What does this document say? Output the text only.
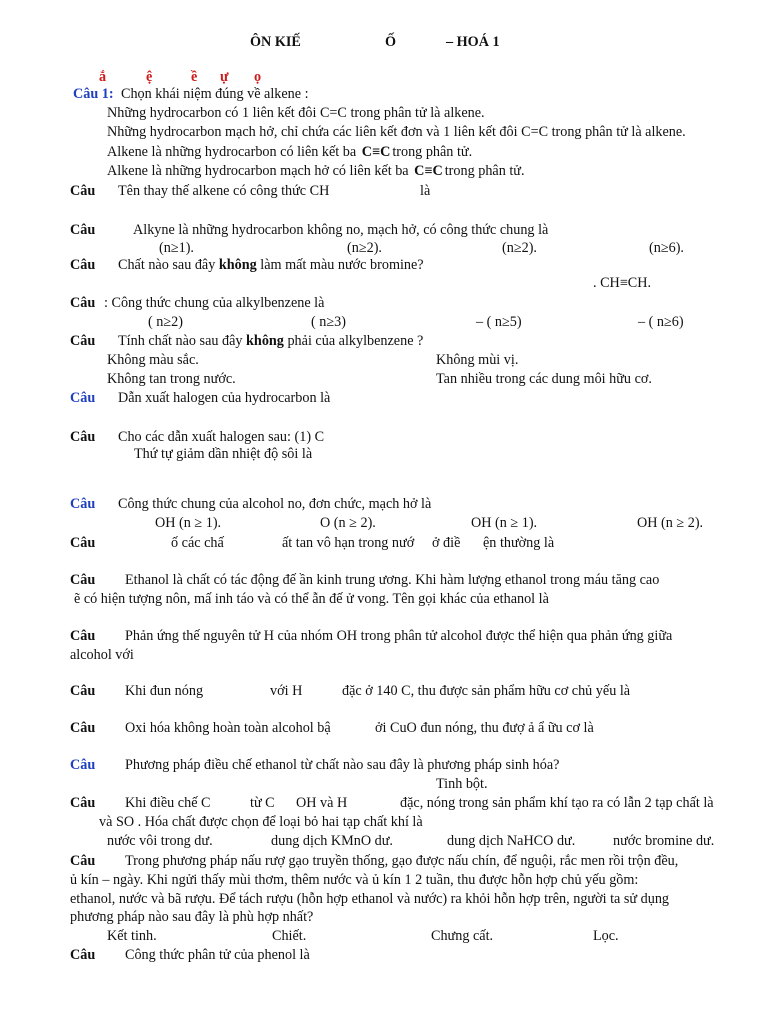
ÔN KIẾ	Ố	– HOÁ 1
ắ	ệ	ề ự ọ
Câu 1: Chọn khái niệm đúng về alkene :
Những hydrocarbon có 1 liên kết đôi C=C trong phân tử là alkene.
Những hydrocarbon mạch hở, chỉ chứa các liên kết đơn và 1 liên kết đôi C=C trong phân tử là alkene.
Alkene là những hydrocarbon có liên kết ba C≡C trong phân tử.
Alkene là những hydrocarbon mạch hở có liên kết ba C≡C trong phân tử.
Câu Tên thay thế alkene có công thức CH	là
Câu	Alkyne là những hydrocarbon không no, mạch hở, có công thức chung là
(n≥1).	(n≥2).	(n≥2).	(n≥6).
Câu Chất nào sau đây không làm mất màu nước bromine?
. CH≡CH.
Câu : Công thức chung của alkylbenzene là
( n≥2)	( n≥3)	– ( n≥5)	– ( n≥6)
Câu Tính chất nào sau đây không phải của alkylbenzene ?
Không màu sắc.	Không mùi vị.
Không tan trong nước.	Tan nhiều trong các dung môi hữu cơ.
Câu Dẫn xuất halogen của hydrocarbon là
Câu Cho các dẫn xuất halogen sau: (1) C
Thứ tự giảm dần nhiệt độ sôi là
Câu Công thức chung của alcohol no, đơn chức, mạch hở là
OH (n ≥ 1).	O (n ≥ 2).	OH (n ≥ 1).	OH (n ≥ 2).
Câu	ố các chấ	ất tan vô hạn trong nướ ở điề ện thường là
Câu Ethanol là chất có tác động đế ần kinh trung ương. Khi hàm lượng ethanol trong máu tăng cao
ẽ có hiện tượng nôn, mấ inh táo và có thể ẫn đế ử vong. Tên gọi khác của ethanol là
Câu Phản ứng thế nguyên tử H của nhóm OH trong phân tử alcohol được thể hiện qua phản ứng giữa
alcohol với
Câu Khi đun nóng	với H	đặc ở 140 C, thu được sản phẩm hữu cơ chủ yếu là
Câu Oxi hóa không hoàn toàn alcohol bậ	ởi CuO đun nóng, thu đượ ả ẩ ữu cơ là
Câu Phương pháp điều chế ethanol từ chất nào sau đây là phương pháp sinh hóa?
Tinh bột.
Câu Khi điều chế C	từ C OH và H	đặc, nóng trong sản phẩm khí tạo ra có lẫn 2 tạp chất là
và SO . Hóa chất được chọn để loại bỏ hai tạp chất khí là
nước vôi trong dư.	dung dịch KMnO dư.	dung dịch NaHCO dư.	nước bromine dư.
Câu Trong phương pháp nấu rượ gạo truyền thống, gạo được nấu chín, để nguội, rắc men rồi trộn đều,
ủ kín – ngày. Khi ngửi thấy mùi thơm, thêm nước và ủ kín 1 2 tuần, thu được hỗn hợp chủ yếu gồm:
ethanol, nước và bã rượu. Để tách rượu (hỗn hợp ethanol và nước) ra khỏi hỗn hợp trên, người ta sử dụng
phương pháp nào sau đây là phù hợp nhất?
Kết tinh.	Chiết.	Chưng cất.	Lọc.
Câu Công thức phân tử của phenol là
